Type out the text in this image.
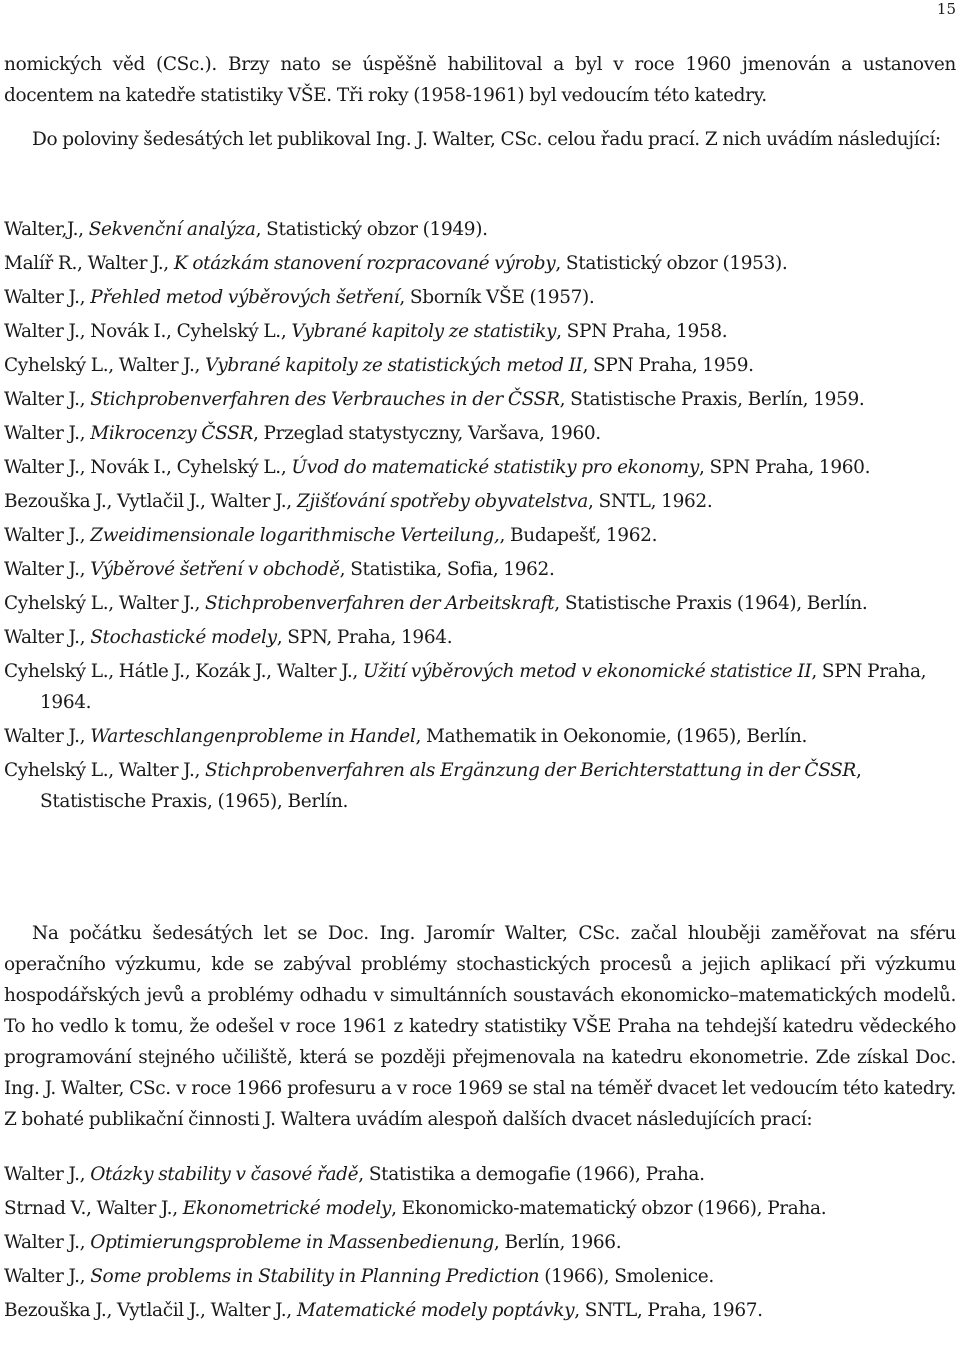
15

nomických věd (CSc.). Brzy nato se úspěšně habilitoval a byl v roce 1960 jmenován a ustanoven docentem na katedře statistiky VŠE. Tři roky (1958-1961) byl vedoucím této katedry.

Do poloviny šedesátých let publikoval Ing. J. Walter, CSc. celou řadu prací. Z nich uvádím následující:

Walter,J., Sekvenční analýza, Statistický obzor (1949).

Malíř R., Walter J., K otázkám stanovení rozpracované výroby, Statistický obzor (1953).

Walter J., Přehled metod výběrových šetření, Sborník VŠE (1957).

Walter J., Novák I., Cyhelský L., Vybrané kapitoly ze statistiky, SPN Praha, 1958.

Cyhelský L., Walter J., Vybrané kapitoly ze statistických metod II, SPN Praha, 1959.

Walter J., Stichprobenverfahren des Verbrauches in der ČSSR, Statistische Praxis, Berlín, 1959.

Walter J., Mikrocenzy ČSSR, Przeglad statystyczny, Varšava, 1960.

Walter J., Novák I., Cyhelský L., Úvod do matematické statistiky pro ekonomy, SPN Praha, 1960.

Bezouška J., Vytlačil J., Walter J., Zjišťování spotřeby obyvatelstva, SNTL, 1962.

Walter J., Zweidimensionale logarithmische Verteilung,, Budapešť, 1962.

Walter J., Výběrové šetření v obchodě, Statistika, Sofia, 1962.

Cyhelský L., Walter J., Stichprobenverfahren der Arbeitskraft, Statistische Praxis (1964), Berlín.

Walter J., Stochastické modely, SPN, Praha, 1964.

Cyhelský L., Hátle J., Kozák J., Walter J., Užití výběrových metod v ekonomické statistice II, SPN Praha, 1964.

Walter J., Warteschlangenprobleme in Handel, Mathematik in Oekonomie, (1965), Berlín.

Cyhelský L., Walter J., Stichprobenverfahren als Ergänzung der Berichterstattung in der ČSSR, Statistische Praxis, (1965), Berlín.

Na počátku šedesátých let se Doc. Ing. Jaromír Walter, CSc. začal hlouběji zaměřovat na sféru operačního výzkumu, kde se zabýval problémy stochastických procesů a jejich aplikací při výzkumu hospodářských jevů a problémy odhadu v simultánních soustavách ekonomicko–matematických modelů. To ho vedlo k tomu, že odešel v roce 1961 z katedry statistiky VŠE Praha na tehdejší katedru vědeckého programování stejného učiliště, která se později přejmenovala na katedru ekonometrie. Zde získal Doc. Ing. J. Walter, CSc. v roce 1966 profesuru a v roce 1969 se stal na téměř dvacet let vedoucím této katedry. Z bohaté publikační činnosti J. Waltera uvádím alespoň dalších dvacet následujících prací:

Walter J., Otázky stability v časové řadě, Statistika a demogafie (1966), Praha.

Strnad V., Walter J., Ekonometrické modely, Ekonomicko-matematický obzor (1966), Praha.

Walter J., Optimierungsprobleme in Massenbedienung, Berlín, 1966.

Walter J., Some problems in Stability in Planning Prediction (1966), Smolenice.

Bezouška J., Vytlačil J., Walter J., Matematické modely poptávky, SNTL, Praha, 1967.
